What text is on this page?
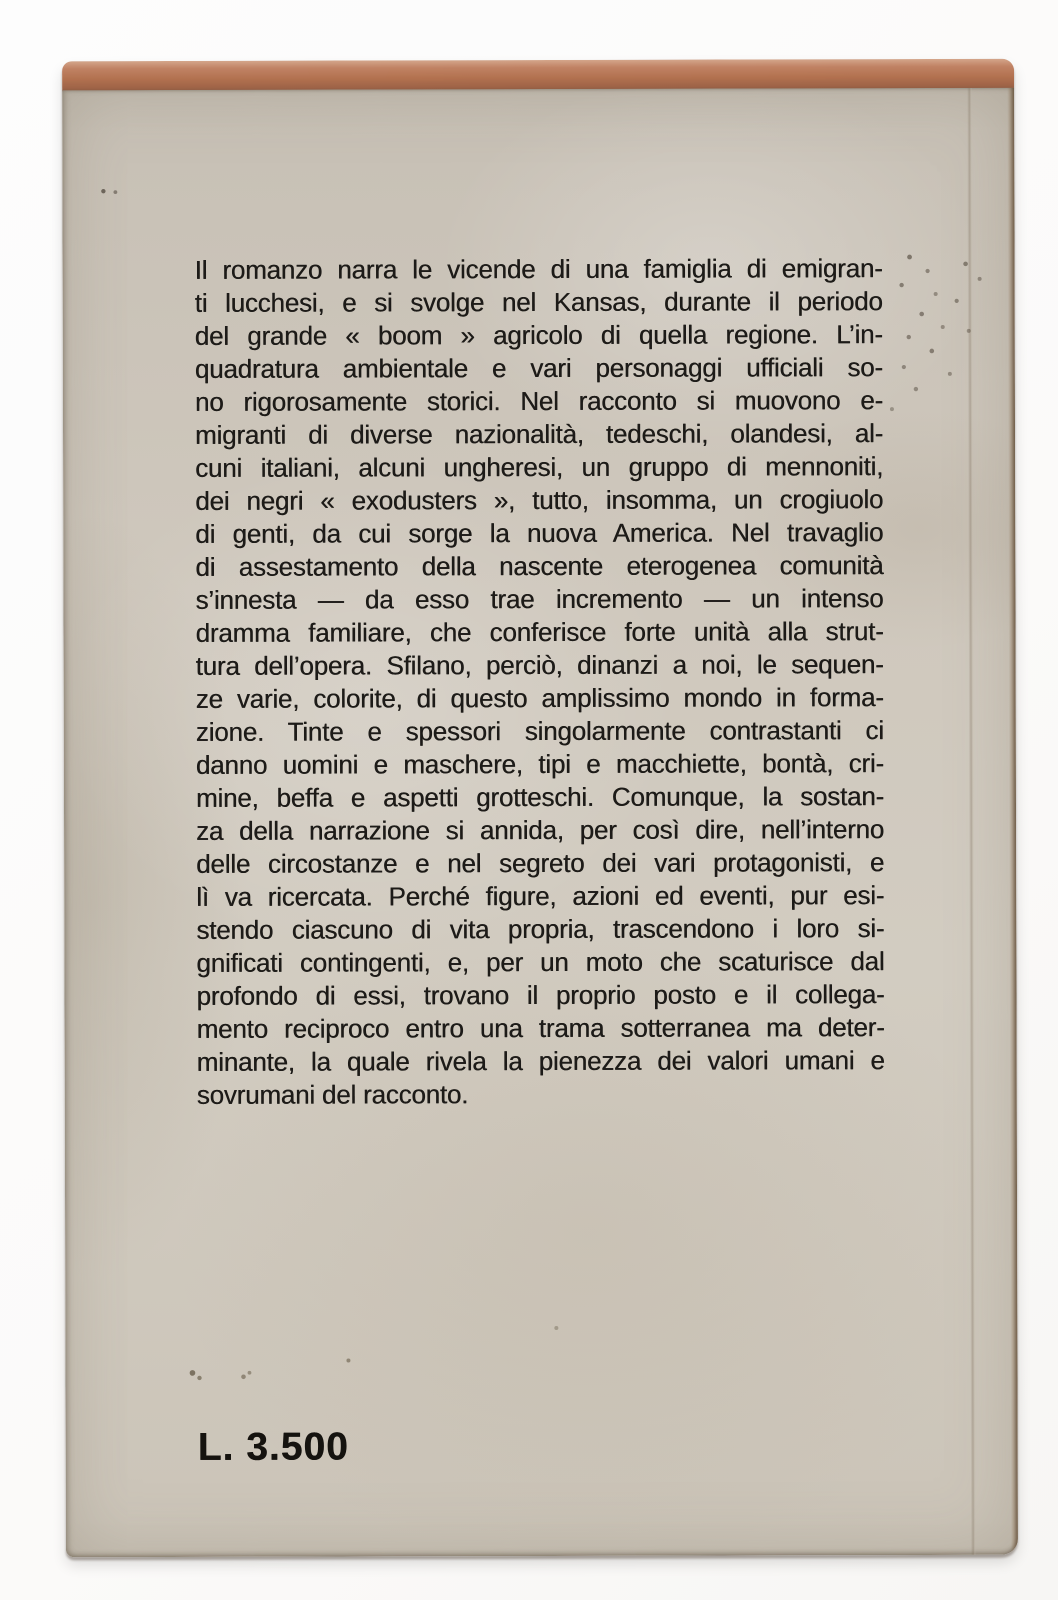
Il romanzo narra le vicende di una famiglia di emigran-
ti lucchesi, e si svolge nel Kansas, durante il periodo
del grande « boom » agricolo di quella regione. L’in-
quadratura ambientale e vari personaggi ufficiali so-
no rigorosamente storici. Nel racconto si muovono e-
migranti di diverse nazionalità, tedeschi, olandesi, al-
cuni italiani, alcuni ungheresi, un gruppo di mennoniti,
dei negri « exodusters », tutto, insomma, un crogiuolo
di genti, da cui sorge la nuova America. Nel travaglio
di assestamento della nascente eterogenea comunità
s’innesta — da esso trae incremento — un intenso
dramma familiare, che conferisce forte unità alla strut-
tura dell’opera. Sfilano, perciò, dinanzi a noi, le sequen-
ze varie, colorite, di questo amplissimo mondo in forma-
zione. Tinte e spessori singolarmente contrastanti ci
danno uomini e maschere, tipi e macchiette, bontà, cri-
mine, beffa e aspetti grotteschi. Comunque, la sostan-
za della narrazione si annida, per così dire, nell’interno
delle circostanze e nel segreto dei vari protagonisti, e
lì va ricercata. Perché figure, azioni ed eventi, pur esi-
stendo ciascuno di vita propria, trascendono i loro si-
gnificati contingenti, e, per un moto che scaturisce dal
profondo di essi, trovano il proprio posto e il collega-
mento reciproco entro una trama sotterranea ma deter-
minante, la quale rivela la pienezza dei valori umani e
sovrumani del racconto.
L. 3.500
